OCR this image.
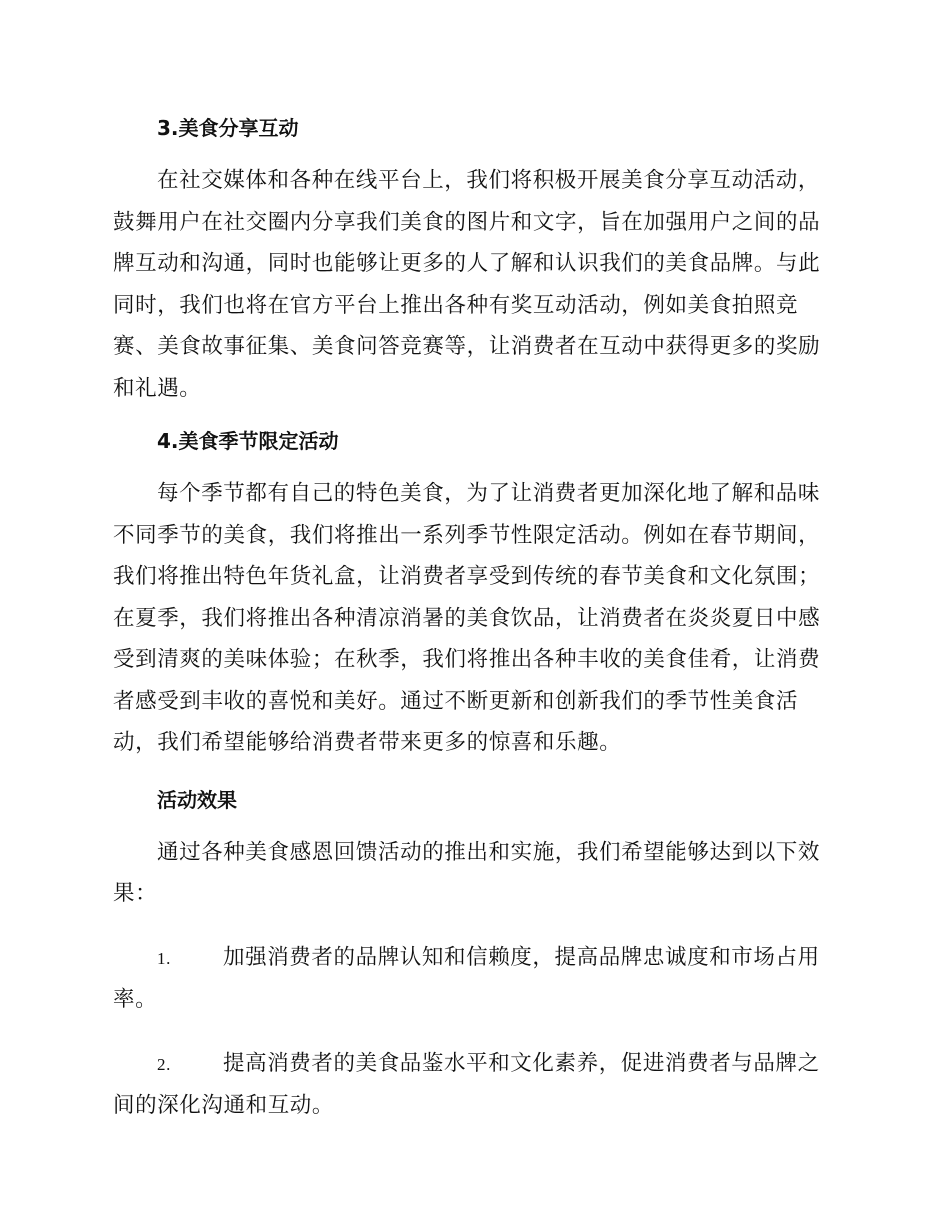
3.美食分享互动

在社交媒体和各种在线平台上，我们将积极开展美食分享互动活动，鼓舞用户在社交圈内分享我们美食的图片和文字，旨在加强用户之间的品牌互动和沟通，同时也能够让更多的人了解和认识我们的美食品牌。与此同时，我们也将在官方平台上推出各种有奖互动活动，例如美食拍照竞赛、美食故事征集、美食问答竞赛等，让消费者在互动中获得更多的奖励和礼遇。

4.美食季节限定活动

每个季节都有自己的特色美食，为了让消费者更加深化地了解和品味不同季节的美食，我们将推出一系列季节性限定活动。例如在春节期间，我们将推出特色年货礼盒，让消费者享受到传统的春节美食和文化氛围；在夏季，我们将推出各种清凉消暑的美食饮品，让消费者在炎炎夏日中感受到清爽的美味体验；在秋季，我们将推出各种丰收的美食佳肴，让消费者感受到丰收的喜悦和美好。通过不断更新和创新我们的季节性美食活动，我们希望能够给消费者带来更多的惊喜和乐趣。

活动效果

通过各种美食感恩回馈活动的推出和实施，我们希望能够达到以下效果：

1. 加强消费者的品牌认知和信赖度，提高品牌忠诚度和市场占用率。

2. 提高消费者的美食品鉴水平和文化素养，促进消费者与品牌之间的深化沟通和互动。
